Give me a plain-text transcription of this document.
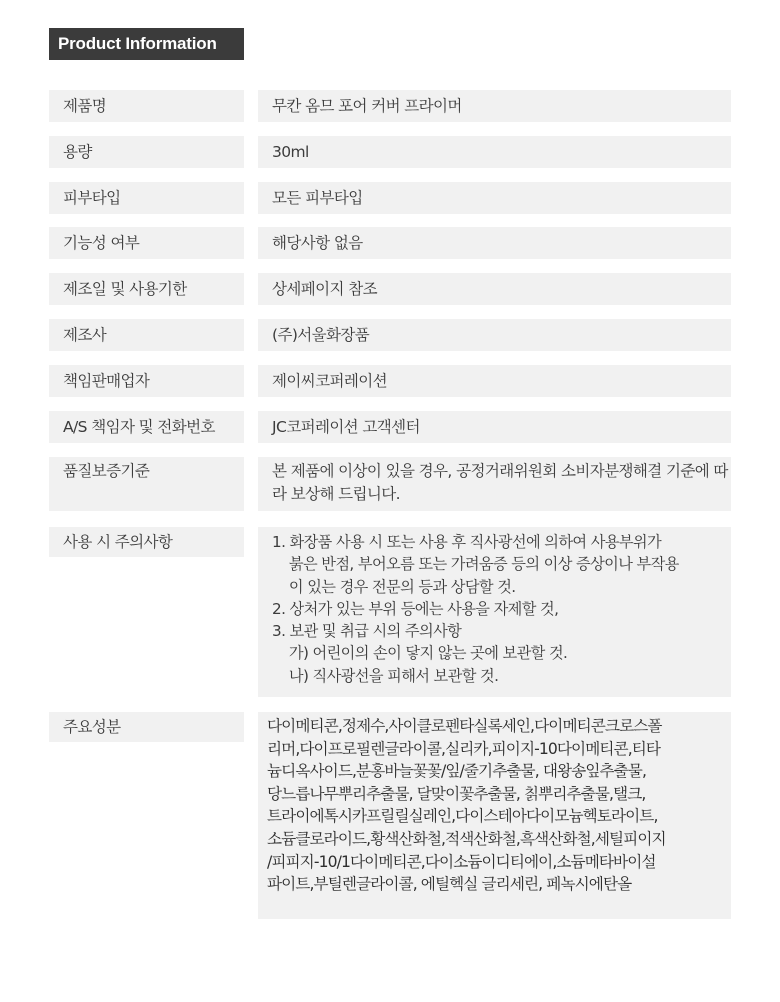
Product Information
제품명	무칸 옴므 포어 커버 프라이머
용량	30ml
피부타입	모든 피부타입
기능성 여부	해당사항 없음
제조일 및 사용기한	상세페이지 참조
제조사	(주)서울화장품
책임판매업자	제이씨코퍼레이션
A/S 책임자 및 전화번호	JC코퍼레이션 고객센터
품질보증기준	본 제품에 이상이 있을 경우, 공정거래위원회 소비자분쟁해결 기준에 따라 보상해 드립니다.
사용 시 주의사항	1. 화장품 사용 시 또는 사용 후 직사광선에 의하여 사용부위가
붉은 반점, 부어오름 또는 가려움증 등의 이상 증상이나 부작용
이 있는 경우 전문의 등과 상담할 것.
2. 상처가 있는 부위 등에는 사용을 자제할 것,
3. 보관 및 취급 시의 주의사항
가) 어린이의 손이 닿지 않는 곳에 보관할 것.
나) 직사광선을 피해서 보관할 것.
주요성분	다이메티콘,정제수,사이클로펜타실록세인,다이메티콘크로스폴
리머,다이프로필렌글라이콜,실리카,피이지-10다이메티콘,티타
늄디옥사이드,분홍바늘꽃꽃/잎/줄기추출물, 대왕송잎추출물,
당느릅나무뿌리추출물, 달맞이꽃추출물, 칡뿌리추출물,탤크,
트라이에톡시카프릴릴실레인,다이스테아다이모늄헥토라이트,
소듐클로라이드,황색산화철,적색산화철,흑색산화철,세틸피이지
/피피지-10/1다이메티콘,다이소듐이디티에이,소듐메타바이설
파이트,부틸렌글라이콜, 에틸헥실 글리세린, 페녹시에탄올
